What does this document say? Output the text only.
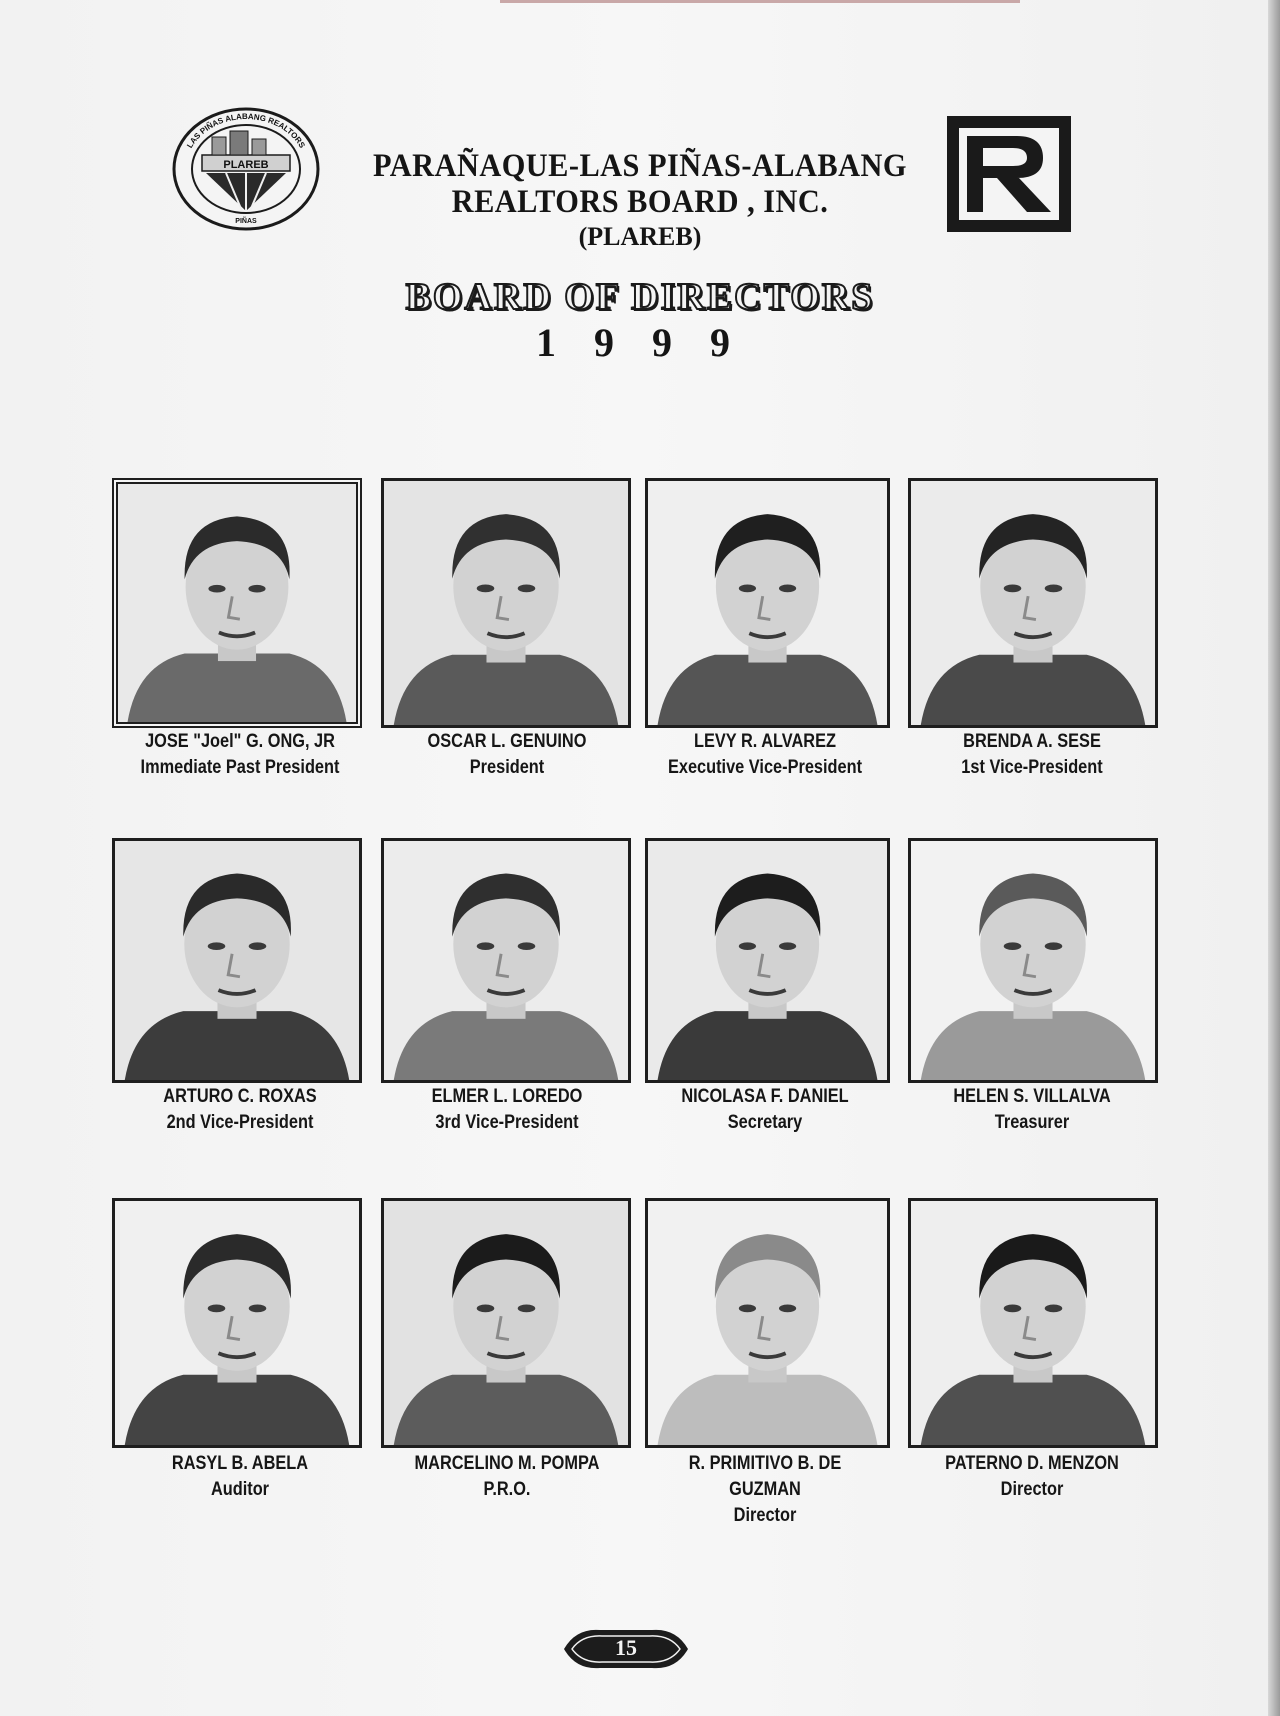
PLAREB
LAS PIÑAS ALABANG REALTORS
PIÑAS
PARAÑAQUE-LAS PIÑAS-ALABANG
REALTORS BOARD , INC.
(PLAREB)
BOARD OF DIRECTORS
1 9 9 9
JOSE "Joel" G. ONG, JR
Immediate Past President
OSCAR L. GENUINO
President
LEVY R. ALVAREZ
Executive Vice-President
BRENDA A. SESE
1st Vice-President
ARTURO C. ROXAS
2nd Vice-President
ELMER L. LOREDO
3rd Vice-President
NICOLASA F. DANIEL
Secretary
HELEN S. VILLALVA
Treasurer
RASYL B. ABELA
Auditor
MARCELINO M. POMPA
P.R.O.
R. PRIMITIVO B. DE
GUZMAN
Director
PATERNO D. MENZON
Director
15
